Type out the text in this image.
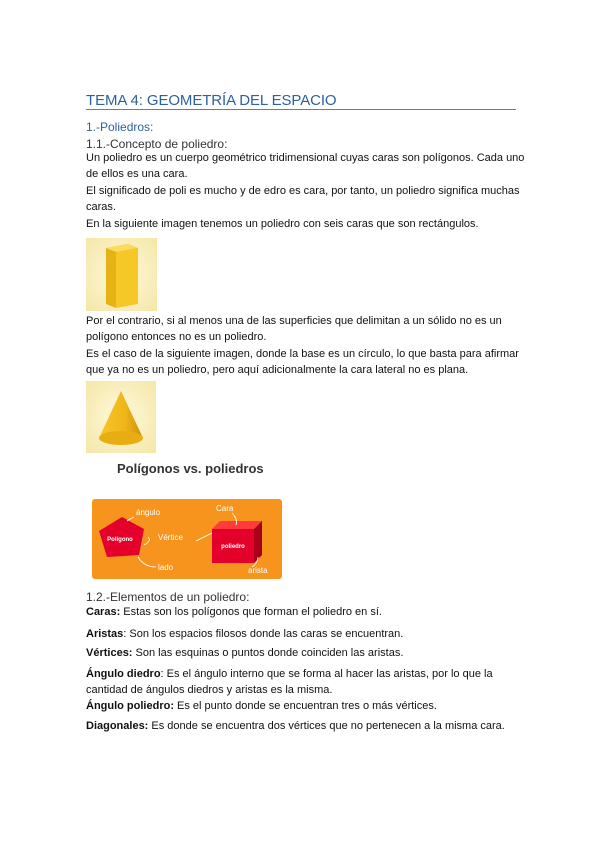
TEMA 4: GEOMETRÍA DEL ESPACIO
1.-Poliedros:
1.1.-Concepto de poliedro:
Un poliedro es un cuerpo geométrico tridimensional cuyas caras son polígonos. Cada uno de ellos es una cara.
El significado de poli es mucho y de edro es cara, por tanto, un poliedro significa muchas caras.
En la siguiente imagen tenemos un poliedro con seis caras que son rectángulos.
Por el contrario, si al menos una de las superficies que delimitan a un sólido no es un polígono entonces no es un poliedro.
Es el caso de la siguiente imagen, donde la base es un círculo, lo que basta para afirmar que ya no es un poliedro, pero aquí adicionalmente la cara lateral no es plana.
Polígonos vs. poliedros
Polígono
ángulo
Vértice
lado
poliedro
Cara
arista
1.2.-Elementos de un poliedro:
Caras: Estas son los polígonos que forman el poliedro en sí.
Aristas: Son los espacios filosos donde las caras se encuentran.
Vértices: Son las esquinas o puntos donde coinciden las aristas.
Ángulo diedro: Es el ángulo interno que se forma al hacer las aristas, por lo que la cantidad de ángulos diedros y aristas es la misma.
Ángulo poliedro: Es el punto donde se encuentran tres o más vértices.
Diagonales: Es donde se encuentra dos vértices que no pertenecen a la misma cara.
